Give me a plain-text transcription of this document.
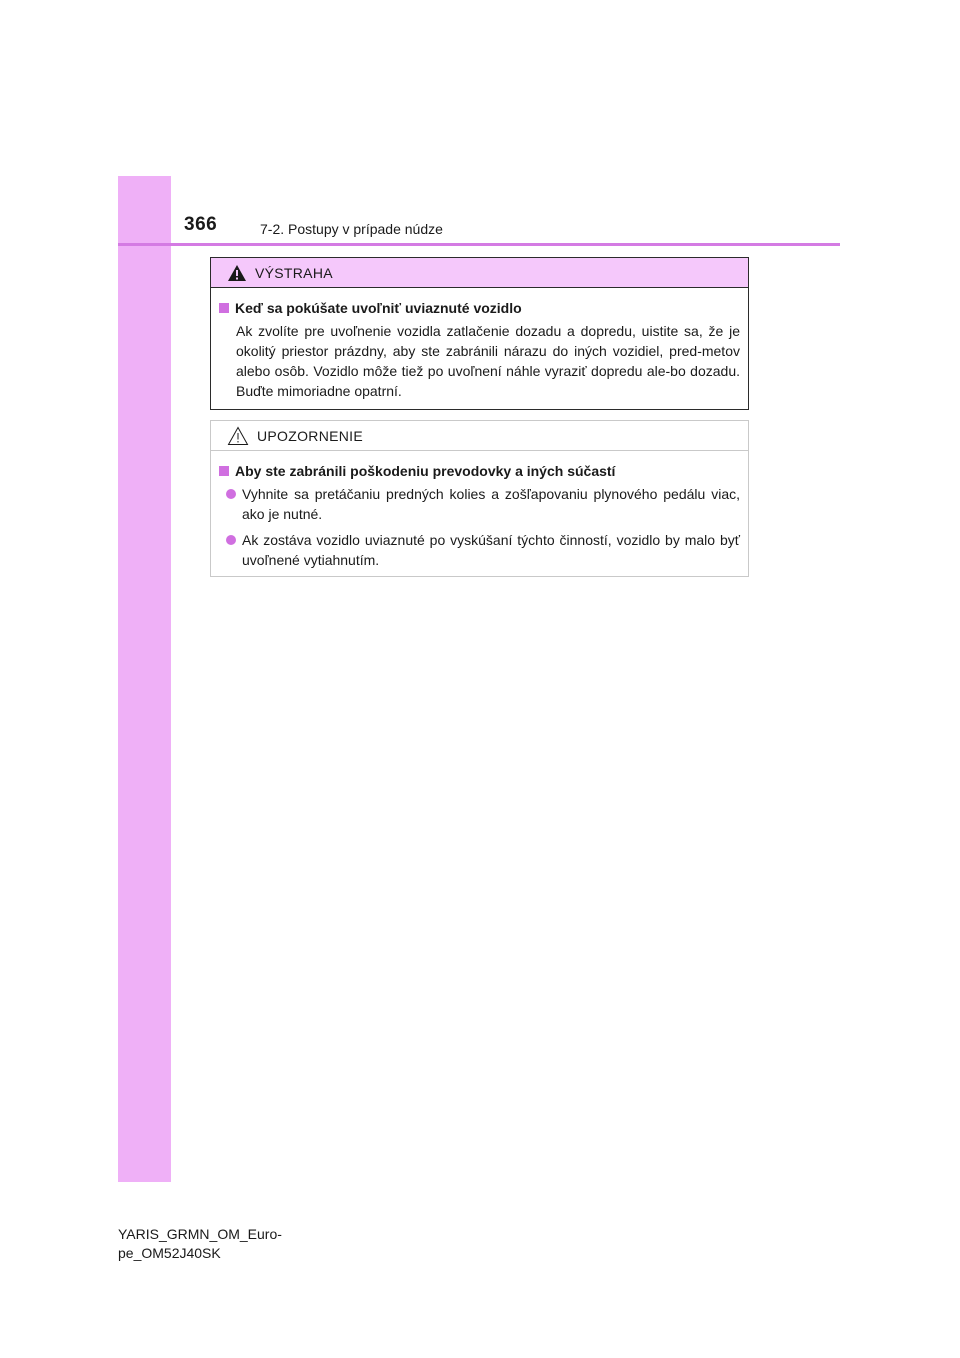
366	7-2. Postupy v prípade núdze
VÝSTRAHA
Keď sa pokúšate uvoľniť uviaznuté vozidlo
Ak zvolíte pre uvoľnenie vozidla zatlačenie dozadu a dopredu, uistite sa, že je okolitý priestor prázdny, aby ste zabránili nárazu do iných vozidiel, pred-metov alebo osôb. Vozidlo môže tiež po uvoľnení náhle vyraziť dopredu ale-bo dozadu. Buďte mimoriadne opatrní.
UPOZORNENIE
Aby ste zabránili poškodeniu prevodovky a iných súčastí
Vyhnite sa pretáčaniu predných kolies a zošľapovaniu plynového pedálu viac, ako je nutné.
Ak zostáva vozidlo uviaznuté po vyskúšaní týchto činností, vozidlo by malo byť uvoľnené vytiahnutím.
YARIS_GRMN_OM_Euro-
pe_OM52J40SK
